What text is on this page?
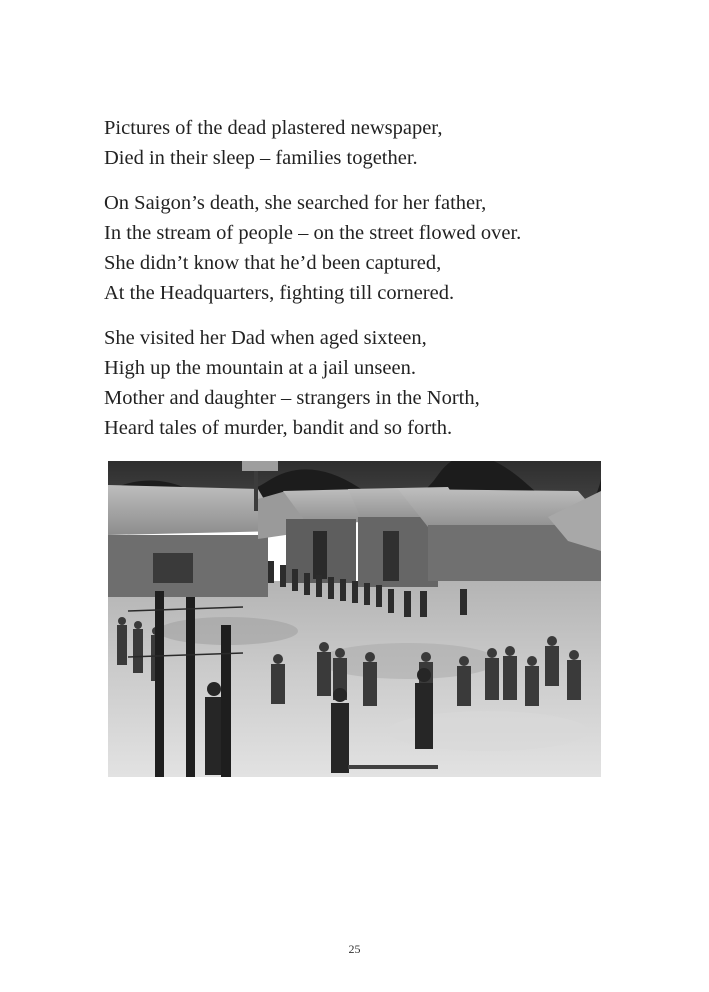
Pictures of the dead plastered newspaper,
Died in their sleep – families together.
On Saigon’s death, she searched for her father,
In the stream of people – on the street flowed over.
She didn’t know that he’d been captured,
At the Headquarters, fighting till cornered.
She visited her Dad when aged sixteen,
High up the mountain at a jail unseen.
Mother and daughter – strangers in the North,
Heard tales of murder, bandit and so forth.
25
